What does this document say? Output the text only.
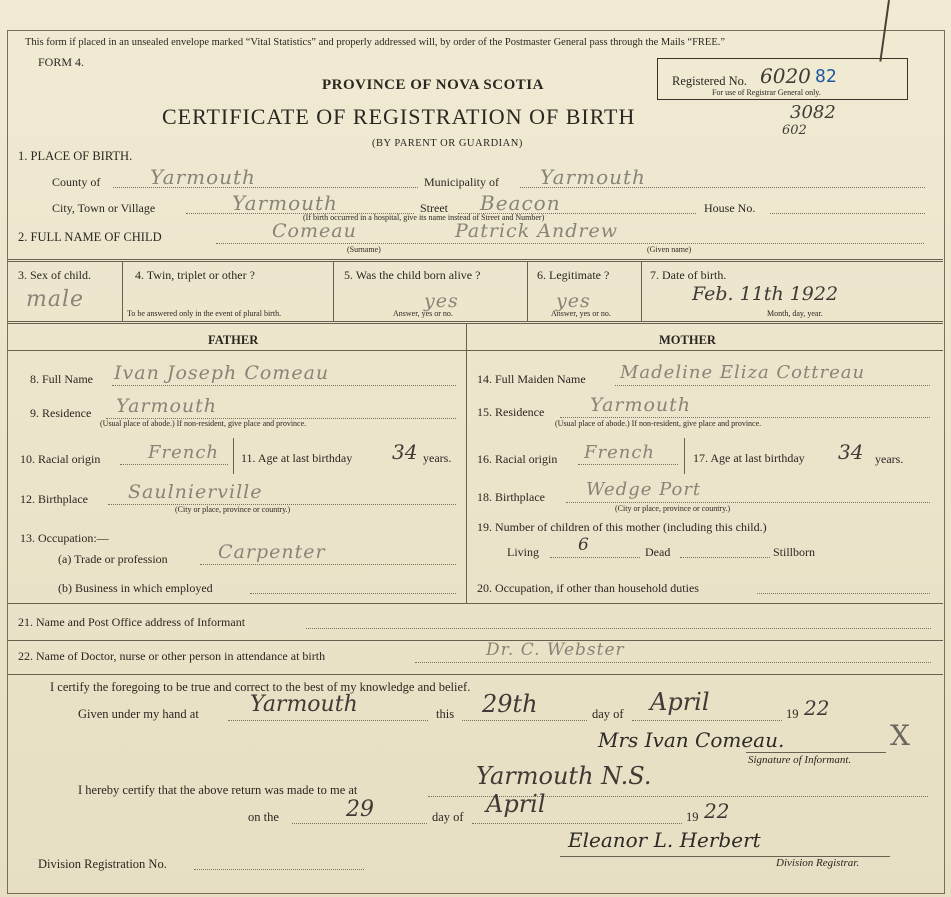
This form if placed in an unsealed envelope marked “Vital Statistics” and properly addressed will, by order of the Postmaster General pass through the Mails “FREE.”
FORM 4.
PROVINCE OF NOVA SCOTIA
CERTIFICATE OF REGISTRATION OF BIRTH
(BY PARENT OR GUARDIAN)
Registered No. 6020 82
For use of Registrar General only.
3082
602
1. PLACE OF BIRTH.
County of Yarmouth	Municipality of Yarmouth
City, Town or Village	Yarmouth	Street Beacon	House No.
(If birth occurred in a hospital, give its name instead of Street and Number)
2. FULL NAME OF CHILD	Comeau	Patrick Andrew
(Surname)	(Given name)
3. Sex of child.
male
4. Twin, triplet or other ?
To be answered only in the event of plural birth.
5. Was the child born alive ?
yes
Answer, yes or no.
6. Legitimate ?
yes
Answer, yes or no.
7. Date of birth.
Feb. 11th 1922
Month, day, year.
FATHER	MOTHER
8. Full Name Ivan Joseph Comeau
9. Residence Yarmouth
(Usual place of abode.) If non-resident, give place and province.
10. Racial origin	French 11. Age at last birthday 34 years.
12. Birthplace Saulnierville
(City or place, province or country.)
13. Occupation:—
(a) Trade or profession	Carpenter
(b) Business in which employed
14. Full Maiden Name Madeline Eliza Cottreau
15. Residence Yarmouth
(Usual place of abode.) If non-resident, give place and province.
16. Racial origin French	17. Age at last birthday 34 years.
18. Birthplace Wedge Port
(City or place, province or country.)
19. Number of children of this mother (including this child.)
Living 6	Dead	Stillborn
20. Occupation, if other than household duties
21. Name and Post Office address of Informant
22. Name of Doctor, nurse or other person in attendance at birth	Dr. C. Webster
I certify the foregoing to be true and correct to the best of my knowledge and belief.
Given under my hand at Yarmouth	this 29th	day of April	19 22
Mrs Ivan Comeau.	X
Signature of Informant.
I hereby certify that the above return was made to me at	Yarmouth N.S.
on the	29	day of April	19 22
Eleanor L. Herbert
Division Registration No.	Division Registrar.
